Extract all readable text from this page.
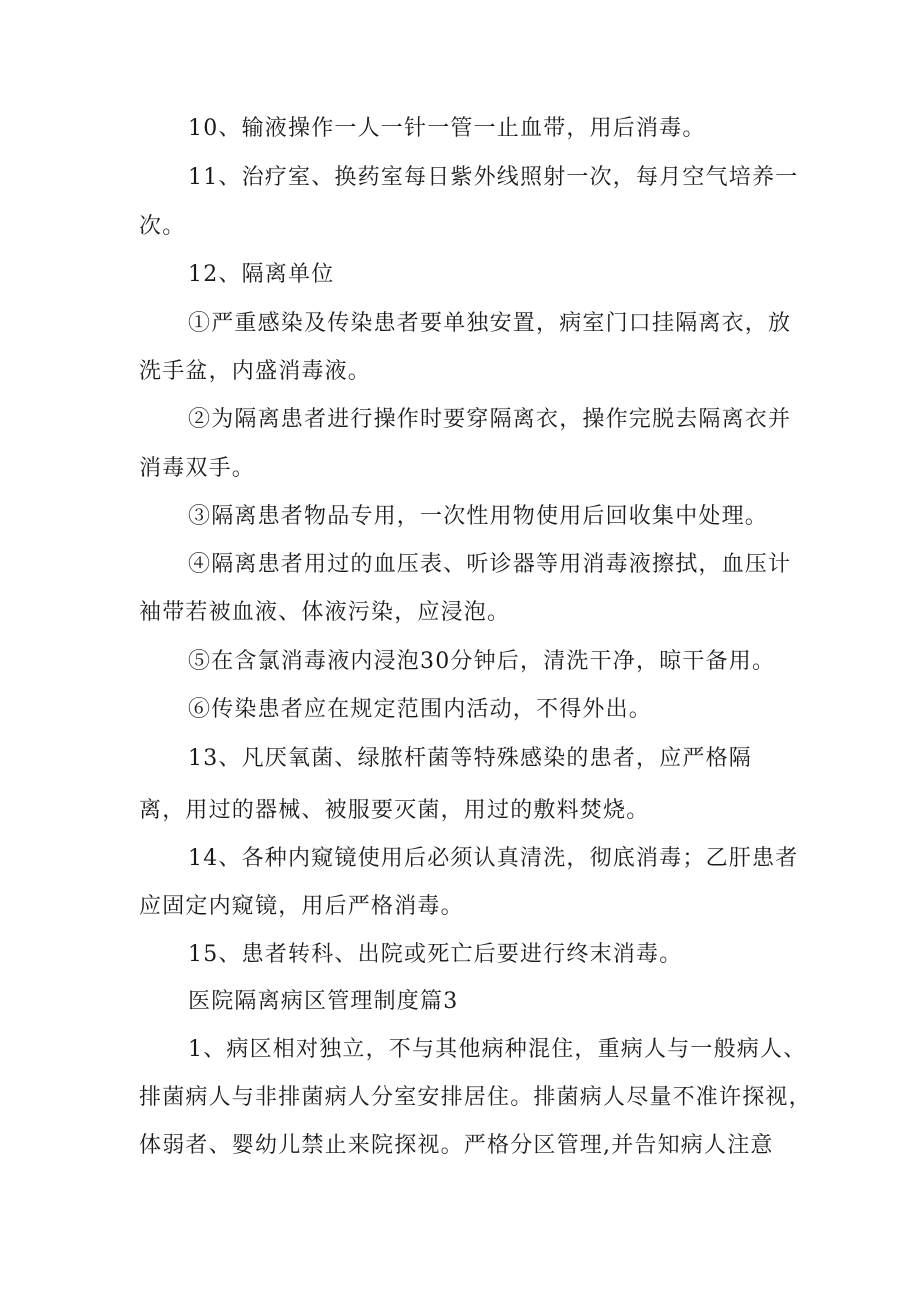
10、输液操作一人一针一管一止血带，用后消毒。
11、治疗室、换药室每日紫外线照射一次，每月空气培养一
次。
12、隔离单位
①严重感染及传染患者要单独安置，病室门口挂隔离衣，放
洗手盆，内盛消毒液。
②为隔离患者进行操作时要穿隔离衣，操作完脱去隔离衣并
消毒双手。
③隔离患者物品专用，一次性用物使用后回收集中处理。
④隔离患者用过的血压表、听诊器等用消毒液擦拭，血压计
袖带若被血液、体液污染，应浸泡。
⑤在含氯消毒液内浸泡30分钟后，清洗干净，晾干备用。
⑥传染患者应在规定范围内活动，不得外出。
13、凡厌氧菌、绿脓杆菌等特殊感染的患者，应严格隔
离，用过的器械、被服要灭菌，用过的敷料焚烧。
14、各种内窥镜使用后必须认真清洗，彻底消毒；乙肝患者
应固定内窥镜，用后严格消毒。
15、患者转科、出院或死亡后要进行终末消毒。
医院隔离病区管理制度篇3
1、病区相对独立，不与其他病种混住，重病人与一般病人、
排菌病人与非排菌病人分室安排居住。排菌病人尽量不准许探视，
体弱者、婴幼儿禁止来院探视。严格分区管理,并告知病人注意
